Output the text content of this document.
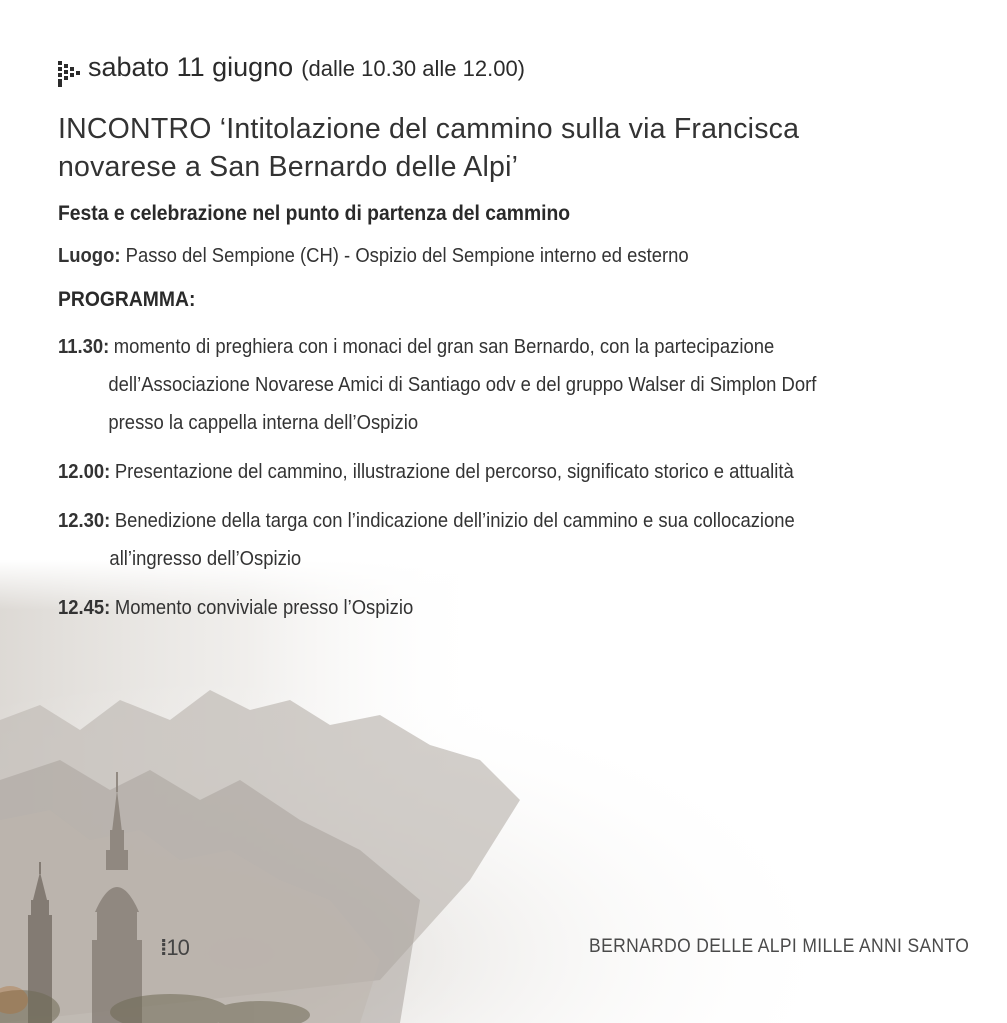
sabato 11 giugno (dalle 10.30 alle 12.00)
INCONTRO ‘Intitolazione del cammino sulla via Francisca
novarese a San Bernardo delle Alpi’
Festa e celebrazione nel punto di partenza del cammino
Luogo: Passo del Sempione (CH) - Ospizio del Sempione interno ed esterno
PROGRAMMA:
11.30: momento di preghiera con i monaci del gran san Bernardo, con la partecipazione
dell’Associazione Novarese Amici di Santiago odv e del gruppo Walser di Simplon Dorf
presso la cappella interna dell’Ospizio
12.00: Presentazione del cammino, illustrazione del percorso, significato storico e attualità
12.30: Benedizione della targa con l’indicazione dell’inizio del cammino e sua collocazione
all’ingresso dell’Ospizio
12.45: Momento conviviale presso l’Ospizio
⁞10	BERNARDO DELLE ALPI MILLE ANNI SANTO
